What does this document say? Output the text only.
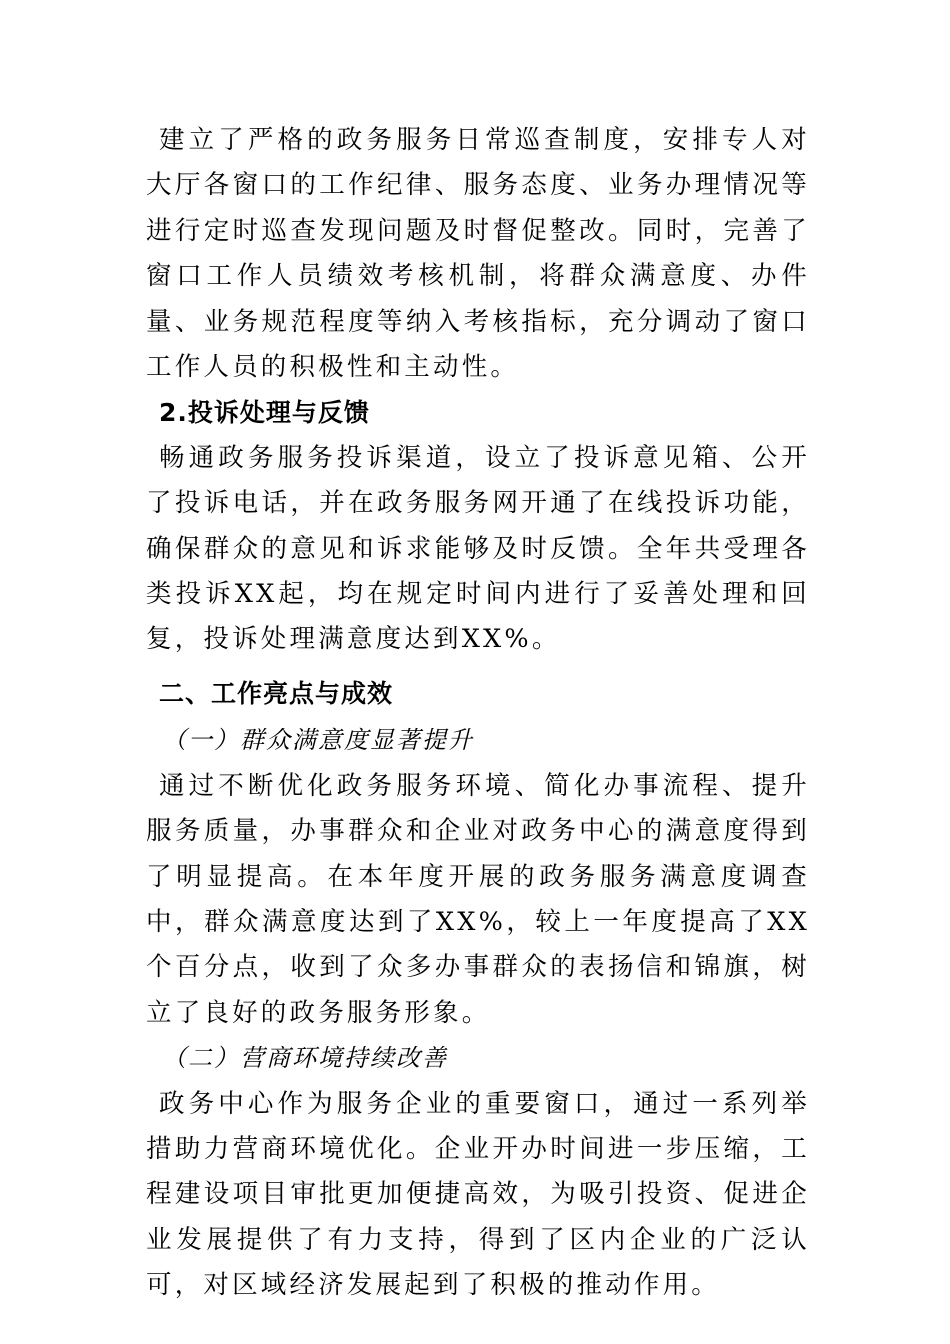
建立了严格的政务服务日常巡查制度，安排专人对大厅各窗口的工作纪律、服务态度、业务办理情况等进行定时巡查发现问题及时督促整改。同时，完善了窗口工作人员绩效考核机制，将群众满意度、办件量、业务规范程度等纳入考核指标，充分调动了窗口工作人员的积极性和主动性。

2.投诉处理与反馈

畅通政务服务投诉渠道，设立了投诉意见箱、公开了投诉电话，并在政务服务网开通了在线投诉功能，确保群众的意见和诉求能够及时反馈。全年共受理各类投诉XX起，均在规定时间内进行了妥善处理和回复，投诉处理满意度达到XX%。

二、工作亮点与成效

（一）群众满意度显著提升

通过不断优化政务服务环境、简化办事流程、提升服务质量，办事群众和企业对政务中心的满意度得到了明显提高。在本年度开展的政务服务满意度调查中，群众满意度达到了XX%，较上一年度提高了XX个百分点，收到了众多办事群众的表扬信和锦旗，树立了良好的政务服务形象。

（二）营商环境持续改善

政务中心作为服务企业的重要窗口，通过一系列举措助力营商环境优化。企业开办时间进一步压缩，工程建设项目审批更加便捷高效，为吸引投资、促进企业发展提供了有力支持，得到了区内企业的广泛认可，对区域经济发展起到了积极的推动作用。
